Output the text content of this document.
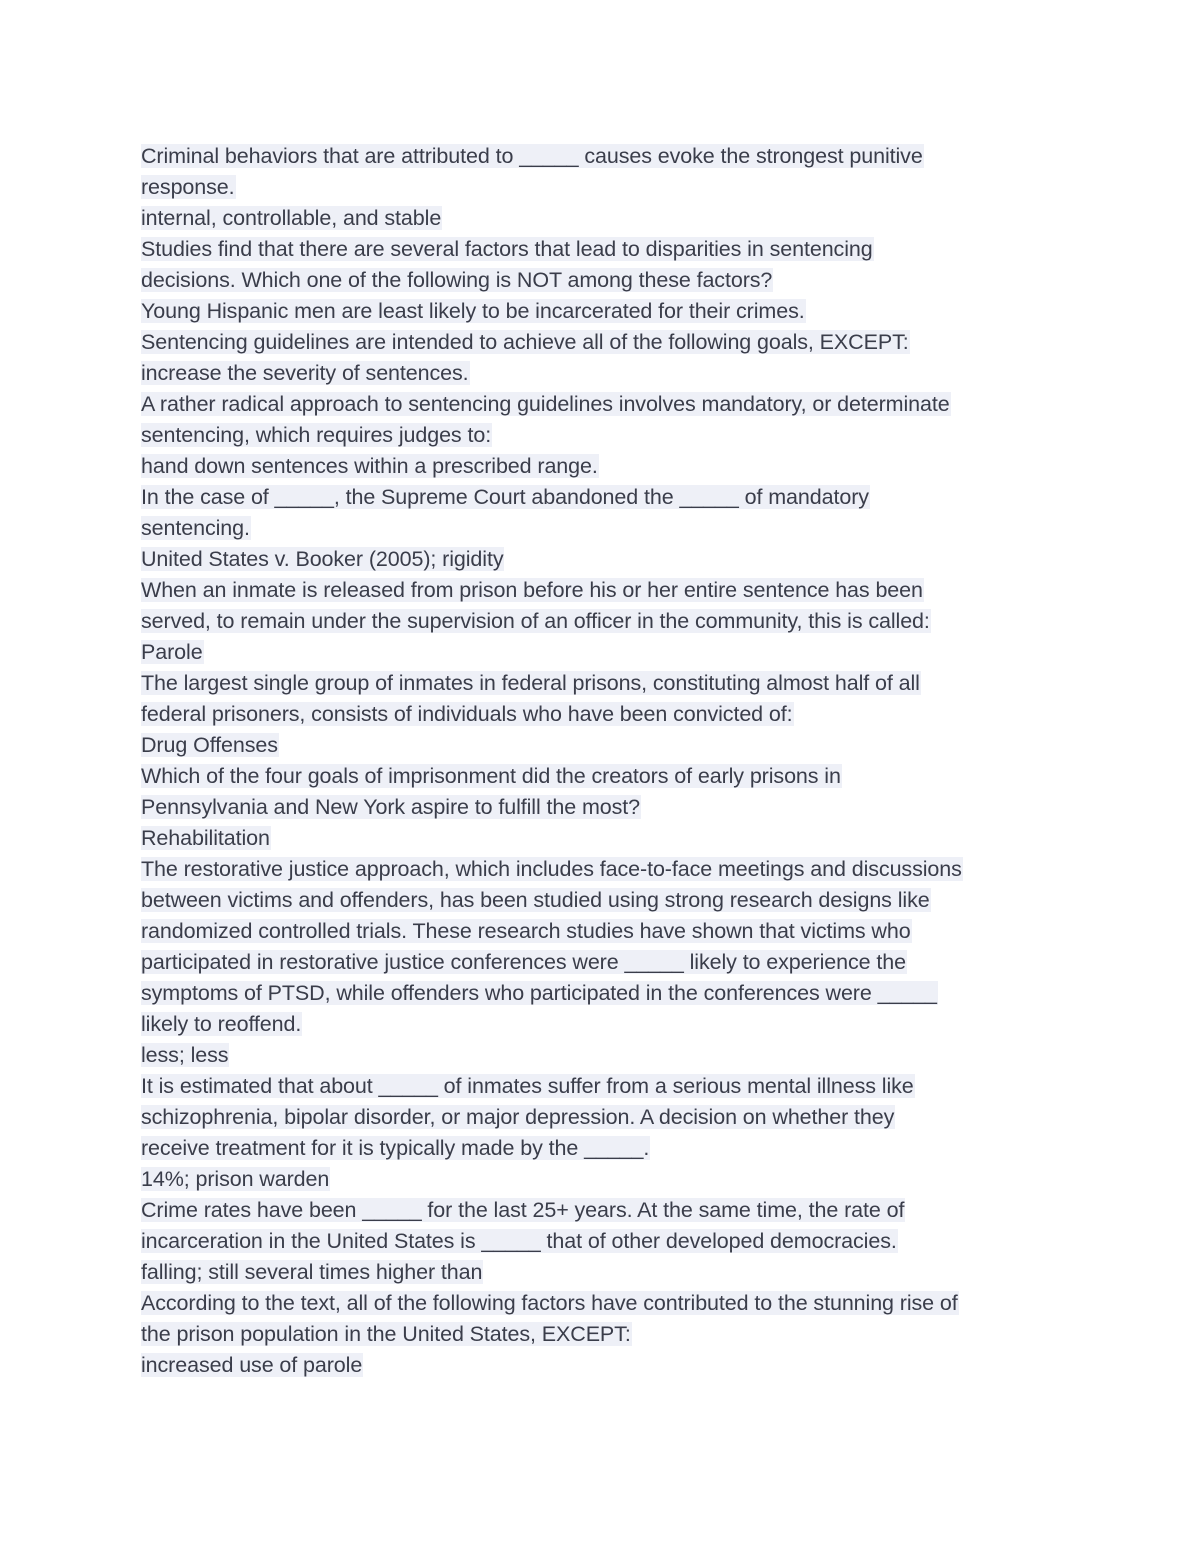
Criminal behaviors that are attributed to _____ causes evoke the strongest punitive
response.
internal, controllable, and stable
Studies find that there are several factors that lead to disparities in sentencing
decisions. Which one of the following is NOT among these factors?
Young Hispanic men are least likely to be incarcerated for their crimes.
Sentencing guidelines are intended to achieve all of the following goals, EXCEPT:
increase the severity of sentences.
A rather radical approach to sentencing guidelines involves mandatory, or determinate
sentencing, which requires judges to:
hand down sentences within a prescribed range.
In the case of _____, the Supreme Court abandoned the _____ of mandatory
sentencing.
United States v. Booker (2005); rigidity
When an inmate is released from prison before his or her entire sentence has been
served, to remain under the supervision of an officer in the community, this is called:
Parole
The largest single group of inmates in federal prisons, constituting almost half of all
federal prisoners, consists of individuals who have been convicted of:
Drug Offenses
Which of the four goals of imprisonment did the creators of early prisons in
Pennsylvania and New York aspire to fulfill the most?
Rehabilitation
The restorative justice approach, which includes face-to-face meetings and discussions
between victims and offenders, has been studied using strong research designs like
randomized controlled trials. These research studies have shown that victims who
participated in restorative justice conferences were _____ likely to experience the
symptoms of PTSD, while offenders who participated in the conferences were _____
likely to reoffend.
less; less
It is estimated that about _____ of inmates suffer from a serious mental illness like
schizophrenia, bipolar disorder, or major depression. A decision on whether they
receive treatment for it is typically made by the _____.
14%; prison warden
Crime rates have been _____ for the last 25+ years. At the same time, the rate of
incarceration in the United States is _____ that of other developed democracies.
falling; still several times higher than
According to the text, all of the following factors have contributed to the stunning rise of
the prison population in the United States, EXCEPT:
increased use of parole
